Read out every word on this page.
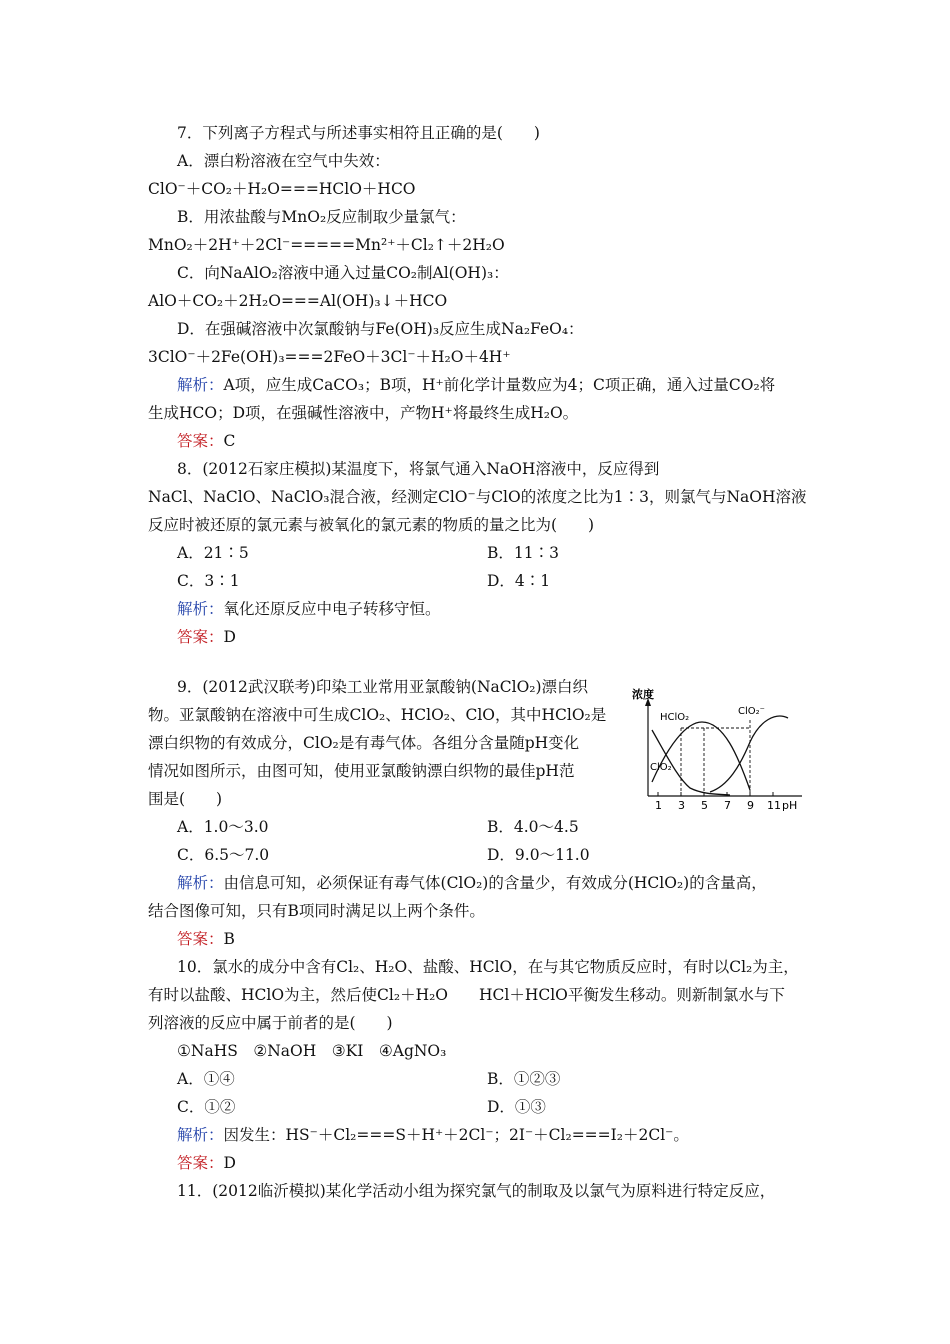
7．下列离子方程式与所述事实相符且正确的是(　　)
A．漂白粉溶液在空气中失效：
ClO⁻＋CO₂＋H₂O===HClO＋HCO
B．用浓盐酸与MnO₂反应制取少量氯气：
MnO₂＋2H⁺＋2Cl⁻=====Mn²⁺＋Cl₂↑＋2H₂O
C．向NaAlO₂溶液中通入过量CO₂制Al(OH)₃：
AlO＋CO₂＋2H₂O===Al(OH)₃↓＋HCO
D．在强碱溶液中次氯酸钠与Fe(OH)₃反应生成Na₂FeO₄：
3ClO⁻＋2Fe(OH)₃===2FeO＋3Cl⁻＋H₂O＋4H⁺
解析：A项，应生成CaCO₃；B项，H⁺前化学计量数应为4；C项正确，通入过量CO₂将
生成HCO；D项，在强碱性溶液中，产物H⁺将最终生成H₂O。
答案：C
8．(2012石家庄模拟)某温度下，将氯气通入NaOH溶液中，反应得到
NaCl、NaClO、NaClO₃混合液，经测定ClO⁻与ClO的浓度之比为1∶3，则氯气与NaOH溶液
反应时被还原的氯元素与被氧化的氯元素的物质的量之比为(　　)
A．21∶5	B．11∶3
C．3∶1	D．4∶1
解析：氧化还原反应中电子转移守恒。
答案：D
9．(2012武汉联考)印染工业常用亚氯酸钠(NaClO₂)漂白织
物。亚氯酸钠在溶液中可生成ClO₂、HClO₂、ClO，其中HClO₂是
漂白织物的有效成分，ClO₂是有毒气体。各组分含量随pH变化
情况如图所示，由图可知，使用亚氯酸钠漂白织物的最佳pH范
围是(　　)
浓度
1 3 5 7 9 11 pH
HClO₂
ClO₂⁻
ClO₂
A．1.0～3.0	B．4.0～4.5
C．6.5～7.0	D．9.0～11.0
解析：由信息可知，必须保证有毒气体(ClO₂)的含量少，有效成分(HClO₂)的含量高，
结合图像可知，只有B项同时满足以上两个条件。
答案：B
10．氯水的成分中含有Cl₂、H₂O、盐酸、HClO，在与其它物质反应时，有时以Cl₂为主，
有时以盐酸、HClO为主，然后使Cl₂＋H₂O　　HCl＋HClO平衡发生移动。则新制氯水与下
列溶液的反应中属于前者的是(　　)
①NaHS　②NaOH　③KI　④AgNO₃
A．①④	B．①②③
C．①②	D．①③
解析：因发生：HS⁻＋Cl₂===S＋H⁺＋2Cl⁻；2I⁻＋Cl₂===I₂＋2Cl⁻。
答案：D
11．(2012临沂模拟)某化学活动小组为探究氯气的制取及以氯气为原料进行特定反应，
